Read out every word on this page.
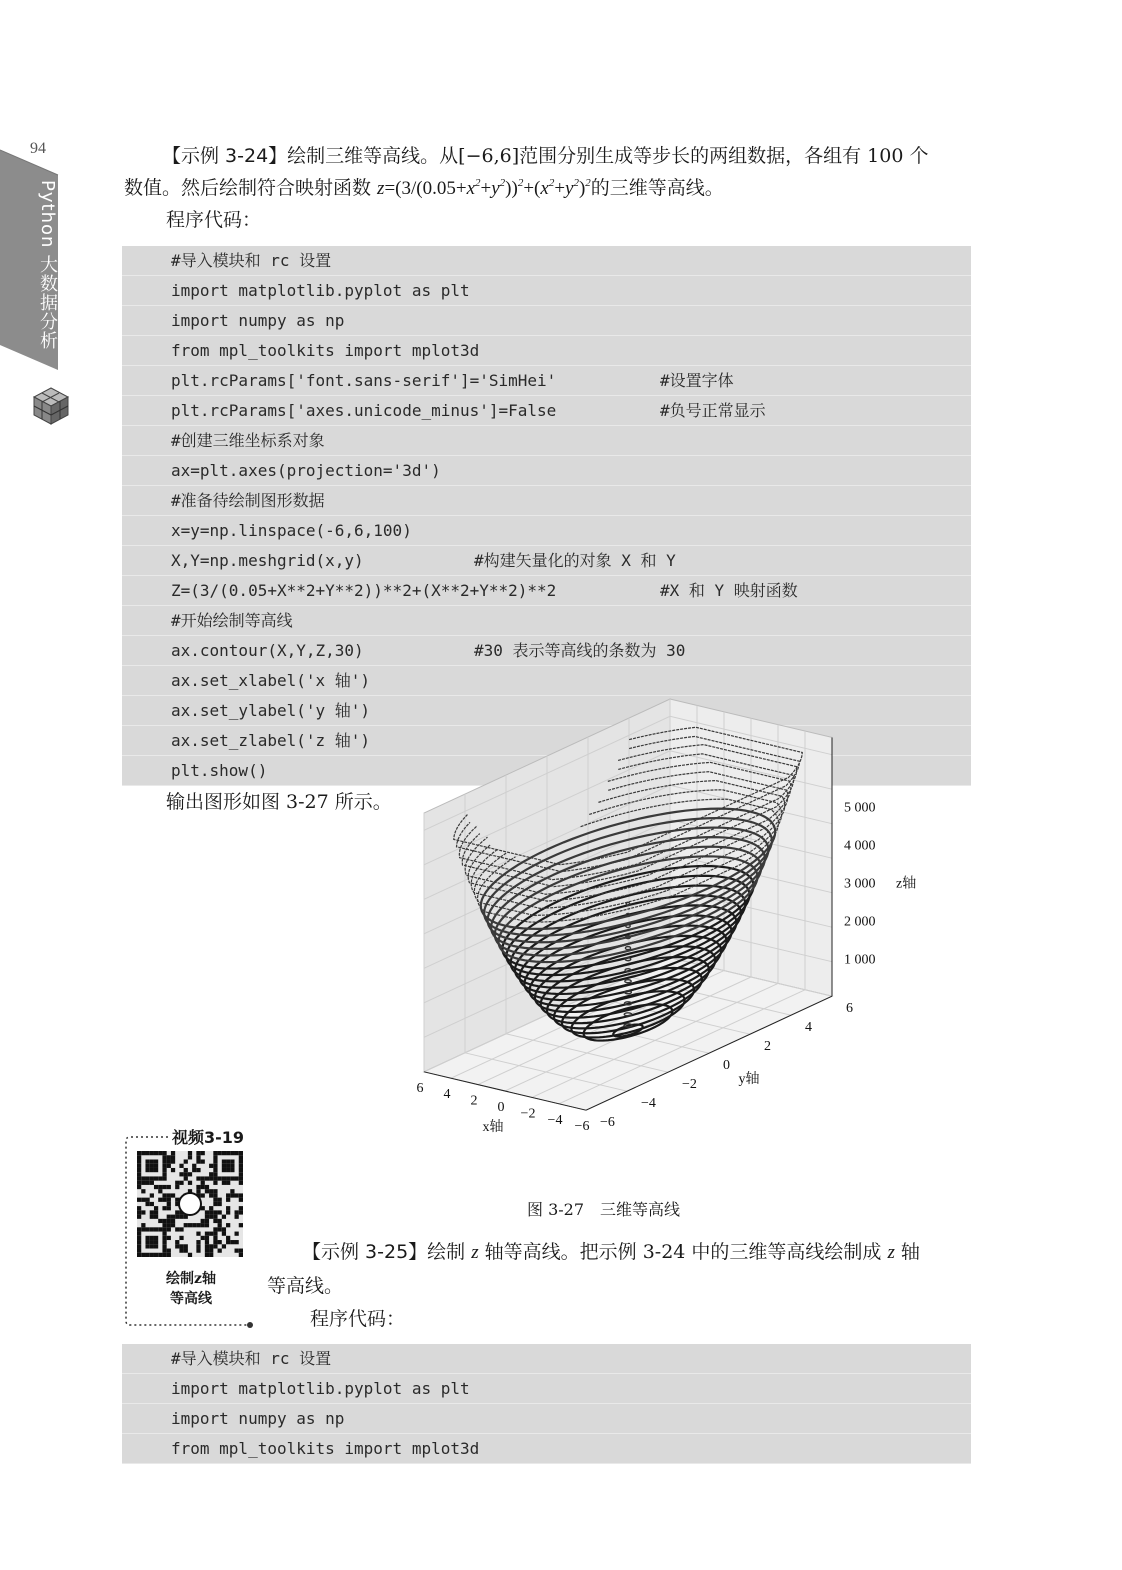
94
Python 大数据分析
【示例 3-24】绘制三维等高线。从[−6,6]范围分别生成等步长的两组数据，各组有 100 个
数值。然后绘制符合映射函数 $z=(3/(0.05+x^2+y^2))^2+(x^2+y^2)^2$的三维等高线。
程序代码：
#导入模块和 rc 设置
import matplotlib.pyplot as plt
import numpy as np
from mpl_toolkits import mplot3d
plt.rcParams['font.sans-serif']='SimHei'	#设置字体
plt.rcParams['axes.unicode_minus']=False	#负号正常显示
#创建三维坐标系对象
ax=plt.axes(projection='3d')
#准备待绘制图形数据
x=y=np.linspace(-6,6,100)
X,Y=np.meshgrid(x,y)	#构建矢量化的对象 X 和 Y
Z=(3/(0.05+X**2+Y**2))**2+(X**2+Y**2)**2	#X 和 Y 映射函数
#开始绘制等高线
ax.contour(X,Y,Z,30)	#30 表示等高线的条数为 30
ax.set_xlabel('x 轴')
ax.set_ylabel('y 轴')
ax.set_zlabel('z 轴')
plt.show()
输出图形如图 3-27 所示。
−6
−4
−2
0
2
4
6
−6
−4
−2
0
2
4
6
1 000
2 000
3 000
4 000
5 000
x轴
y轴
z轴
图 3-27　三维等高线
视频3-19
绘制z轴
等高线
【示例 3-25】绘制 z 轴等高线。把示例 3-24 中的三维等高线绘制成 z 轴
等高线。
程序代码：
#导入模块和 rc 设置
import matplotlib.pyplot as plt
import numpy as np
from mpl_toolkits import mplot3d
